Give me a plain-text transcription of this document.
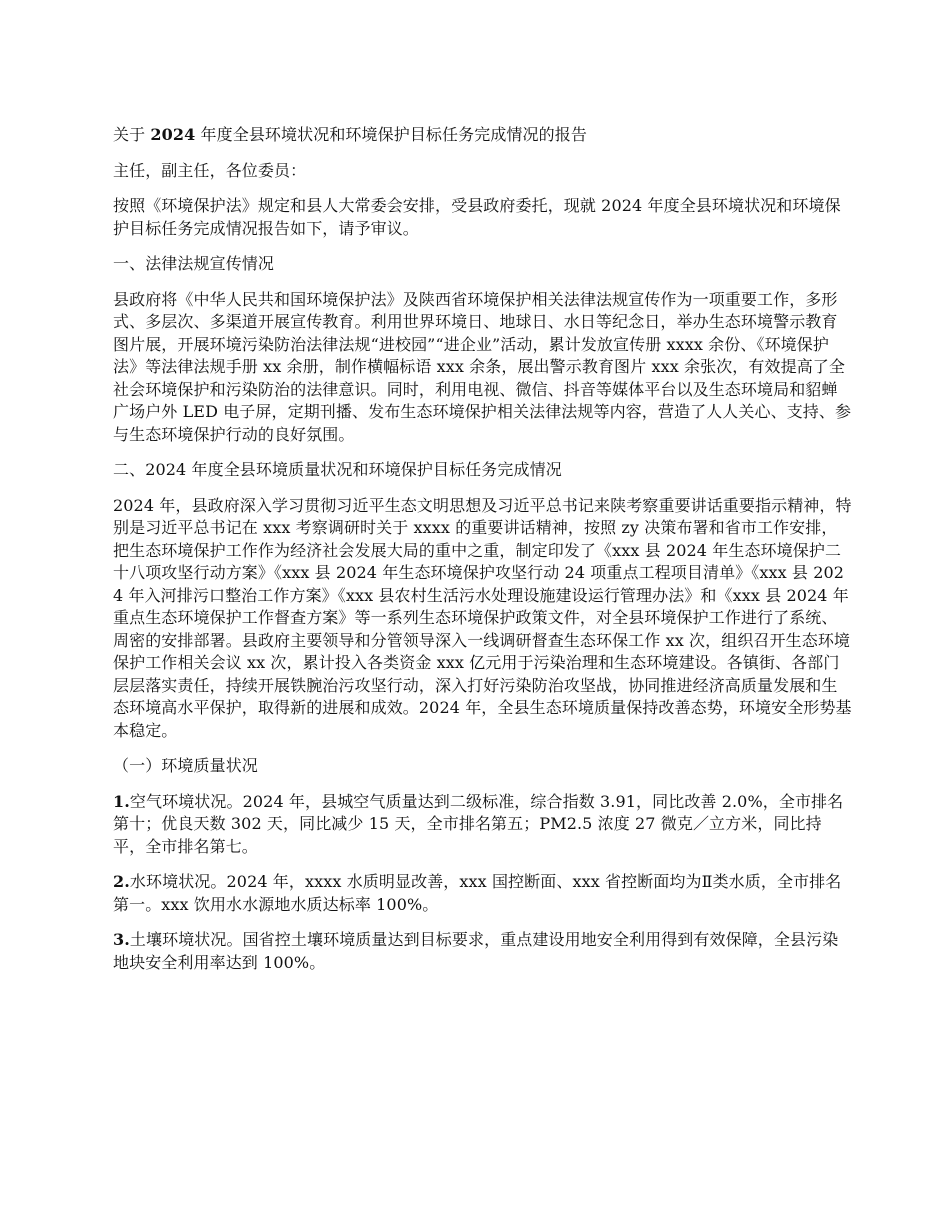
关于 2024 年度全县环境状况和环境保护目标任务完成情况的报告

主任，副主任，各位委员：

按照《环境保护法》规定和县人大常委会安排，受县政府委托，现就 2024 年度全县环境状况和环境保护目标任务完成情况报告如下，请予审议。

一、法律法规宣传情况

县政府将《中华人民共和国环境保护法》及陕西省环境保护相关法律法规宣传作为一项重要工作，多形式、多层次、多渠道开展宣传教育。利用世界环境日、地球日、水日等纪念日，举办生态环境警示教育图片展，开展环境污染防治法律法规“进校园”“进企业”活动，累计发放宣传册 xxxx 余份、《环境保护法》等法律法规手册 xx 余册，制作横幅标语 xxx 余条，展出警示教育图片 xxx 余张次，有效提高了全社会环境保护和污染防治的法律意识。同时，利用电视、微信、抖音等媒体平台以及生态环境局和貂蝉广场户外 LED 电子屏，定期刊播、发布生态环境保护相关法律法规等内容，营造了人人关心、支持、参与生态环境保护行动的良好氛围。

二、2024 年度全县环境质量状况和环境保护目标任务完成情况

2024 年，县政府深入学习贯彻习近平生态文明思想及习近平总书记来陕考察重要讲话重要指示精神，特别是习近平总书记在 xxx 考察调研时关于 xxxx 的重要讲话精神，按照 zy 决策布署和省市工作安排，把生态环境保护工作作为经济社会发展大局的重中之重，制定印发了《xxx 县 2024 年生态环境保护二十八项攻坚行动方案》《xxx 县 2024 年生态环境保护攻坚行动 24 项重点工程项目清单》《xxx 县 2024 年入河排污口整治工作方案》《xxx 县农村生活污水处理设施建设运行管理办法》和《xxx 县 2024 年重点生态环境保护工作督查方案》等一系列生态环境保护政策文件，对全县环境保护工作进行了系统、周密的安排部署。县政府主要领导和分管领导深入一线调研督查生态环保工作 xx 次，组织召开生态环境保护工作相关会议 xx 次，累计投入各类资金 xxx 亿元用于污染治理和生态环境建设。各镇街、各部门层层落实责任，持续开展铁腕治污攻坚行动，深入打好污染防治攻坚战，协同推进经济高质量发展和生态环境高水平保护，取得新的进展和成效。2024 年，全县生态环境质量保持改善态势，环境安全形势基本稳定。

（一）环境质量状况

1.空气环境状况。2024 年，县城空气质量达到二级标准，综合指数 3.91，同比改善 2.0%，全市排名第十；优良天数 302 天，同比减少 15 天，全市排名第五；PM2.5 浓度 27 微克／立方米，同比持平，全市排名第七。

2.水环境状况。2024 年，xxxx 水质明显改善，xxx 国控断面、xxx 省控断面均为Ⅱ类水质，全市排名第一。xxx 饮用水水源地水质达标率 100%。

3.土壤环境状况。国省控土壤环境质量达到目标要求，重点建设用地安全利用得到有效保障，全县污染地块安全利用率达到 100%。
